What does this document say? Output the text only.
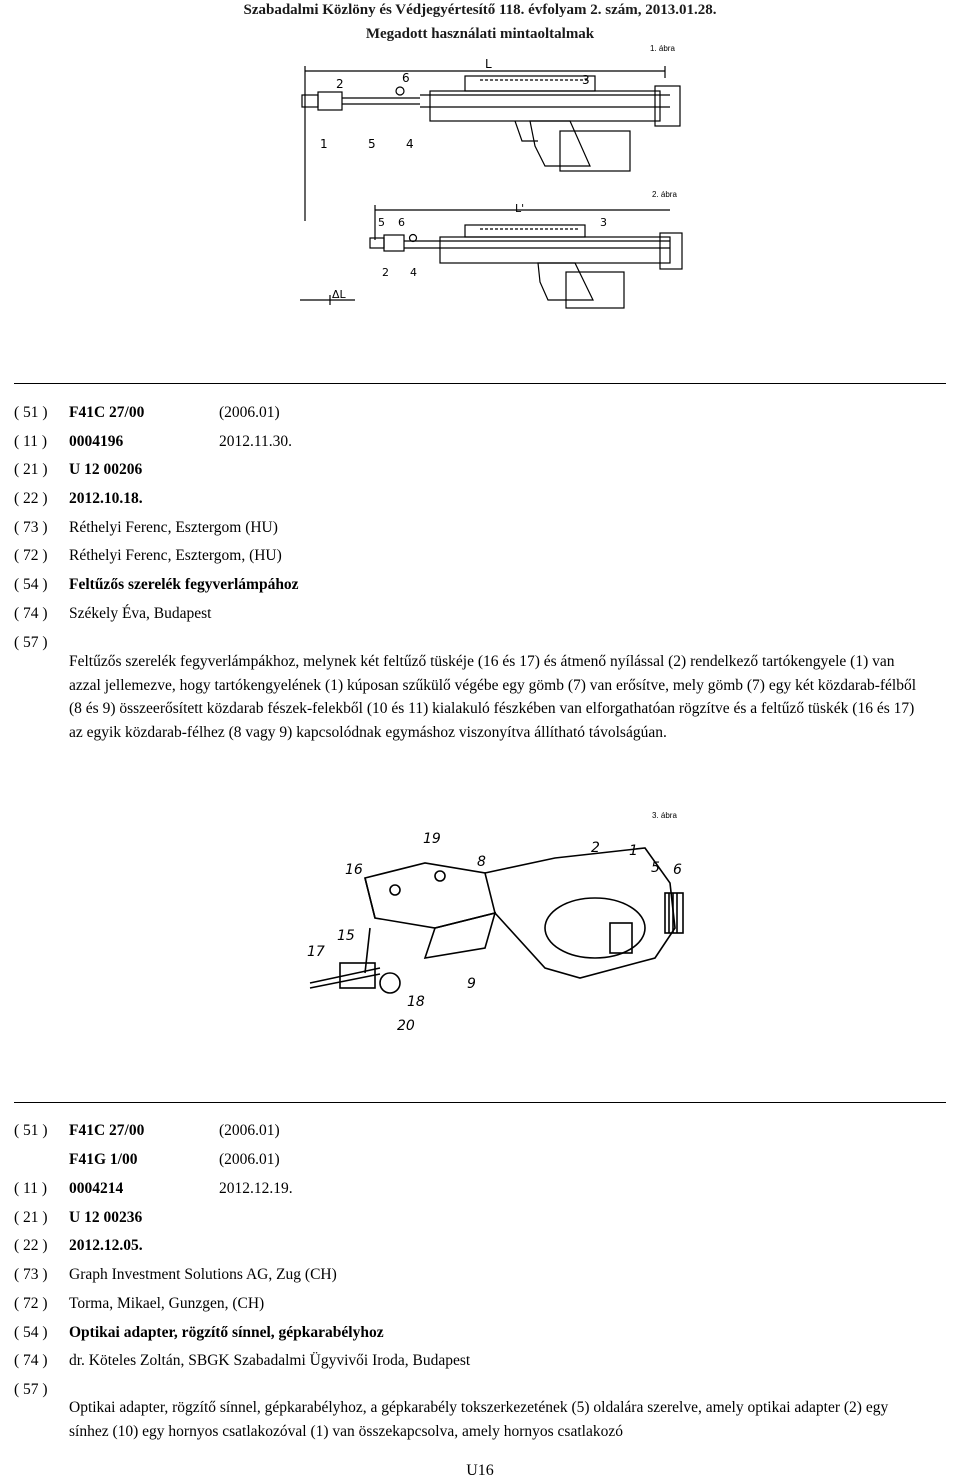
Szabadalmi Közlöny és Védjegyértesítő 118. évfolyam 2. szám, 2013.01.28.
Megadott használati mintaoltalmak
L
2	6	3
1	5	4
1. ábra
L'
5 6	3
2 4
ΔL
2. ábra
( 51 )	F41C 27/00	(2006.01)
( 11 )	0004196	2012.11.30.
( 21 )	U 12 00206
( 22 )	2012.10.18.
( 73 )	Réthelyi Ferenc, Esztergom (HU)
( 72 )	Réthelyi Ferenc, Esztergom, (HU)
( 54 )	Feltűzős szerelék fegyverlámpához
( 74 )	Székely Éva, Budapest
( 57 )
Feltűzős szerelék fegyverlámpákhoz, melynek két feltűző tüskéje (16 és 17) és átmenő nyílással (2) rendelkező tartókengyele (1) van azzal jellemezve, hogy tartókengyelének (1) kúposan szűkülő végébe egy gömb (7) van erősítve, mely gömb (7) egy két közdarab-félből (8 és 9) összeerősített közdarab fészek-felekből (10 és 11) kialakuló fészkében van elforgathatóan rögzítve és a feltűző tüskék (16 és 17) az egyik közdarab-félhez (8 vagy 9) kapcsolódnak egymáshoz viszonyítva állítható távolságúan.
19
16	8
2 1
5 6
15
17
9
18
20
3. ábra
( 51 )	F41C 27/00	(2006.01)
F41G 1/00	(2006.01)
( 11 )	0004214	2012.12.19.
( 21 )	U 12 00236
( 22 )	2012.12.05.
( 73 )	Graph Investment Solutions AG, Zug (CH)
( 72 )	Torma, Mikael, Gunzgen, (CH)
( 54 )	Optikai adapter, rögzítő sínnel, gépkarabélyhoz
( 74 )	dr. Köteles Zoltán, SBGK Szabadalmi Ügyvivői Iroda, Budapest
( 57 )
Optikai adapter, rögzítő sínnel, gépkarabélyhoz, a gépkarabély tokszerkezetének (5) oldalára szerelve, amely optikai adapter (2) egy sínhez (10) egy hornyos csatlakozóval (1) van összekapcsolva, amely hornyos csatlakozó
U16
